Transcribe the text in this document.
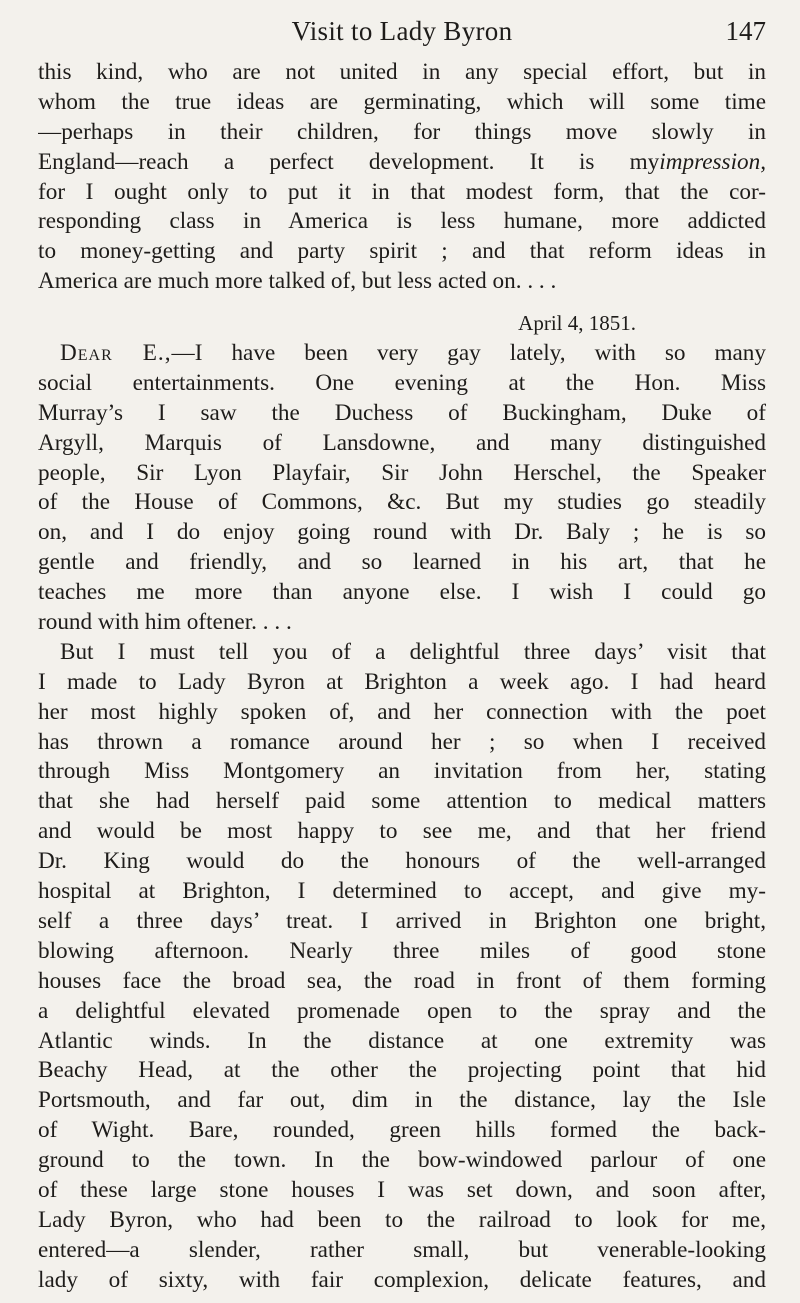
Visit to Lady Byron	147
this kind, who are not united in any special effort, but in
whom the true ideas are germinating, which will some time
—perhaps in their children, for things move slowly in
England—reach a perfect development. It is myimpression,
for I ought only to put it in that modest form, that the cor-
responding class in America is less humane, more addicted
to money-getting and party spirit ; and that reform ideas in
America are much more talked of, but less acted on. . . .
April 4, 1851.
Dear E.,—I have been very gay lately, with so many
social entertainments. One evening at the Hon. Miss
Murray’s I saw the Duchess of Buckingham, Duke of
Argyll, Marquis of Lansdowne, and many distinguished
people, Sir Lyon Playfair, Sir John Herschel, the Speaker
of the House of Commons, &c. But my studies go steadily
on, and I do enjoy going round with Dr. Baly ; he is so
gentle and friendly, and so learned in his art, that he
teaches me more than anyone else. I wish I could go
round with him oftener. . . .
But I must tell you of a delightful three days’ visit that
I made to Lady Byron at Brighton a week ago. I had heard
her most highly spoken of, and her connection with the poet
has thrown a romance around her ; so when I received
through Miss Montgomery an invitation from her, stating
that she had herself paid some attention to medical matters
and would be most happy to see me, and that her friend
Dr. King would do the honours of the well-arranged
hospital at Brighton, I determined to accept, and give my-
self a three days’ treat. I arrived in Brighton one bright,
blowing afternoon. Nearly three miles of good stone
houses face the broad sea, the road in front of them forming
a delightful elevated promenade open to the spray and the
Atlantic winds. In the distance at one extremity was
Beachy Head, at the other the projecting point that hid
Portsmouth, and far out, dim in the distance, lay the Isle
of Wight. Bare, rounded, green hills formed the back-
ground to the town. In the bow-windowed parlour of one
of these large stone houses I was set down, and soon after,
Lady Byron, who had been to the railroad to look for me,
entered—a slender, rather small, but venerable-looking
lady of sixty, with fair complexion, delicate features, and
